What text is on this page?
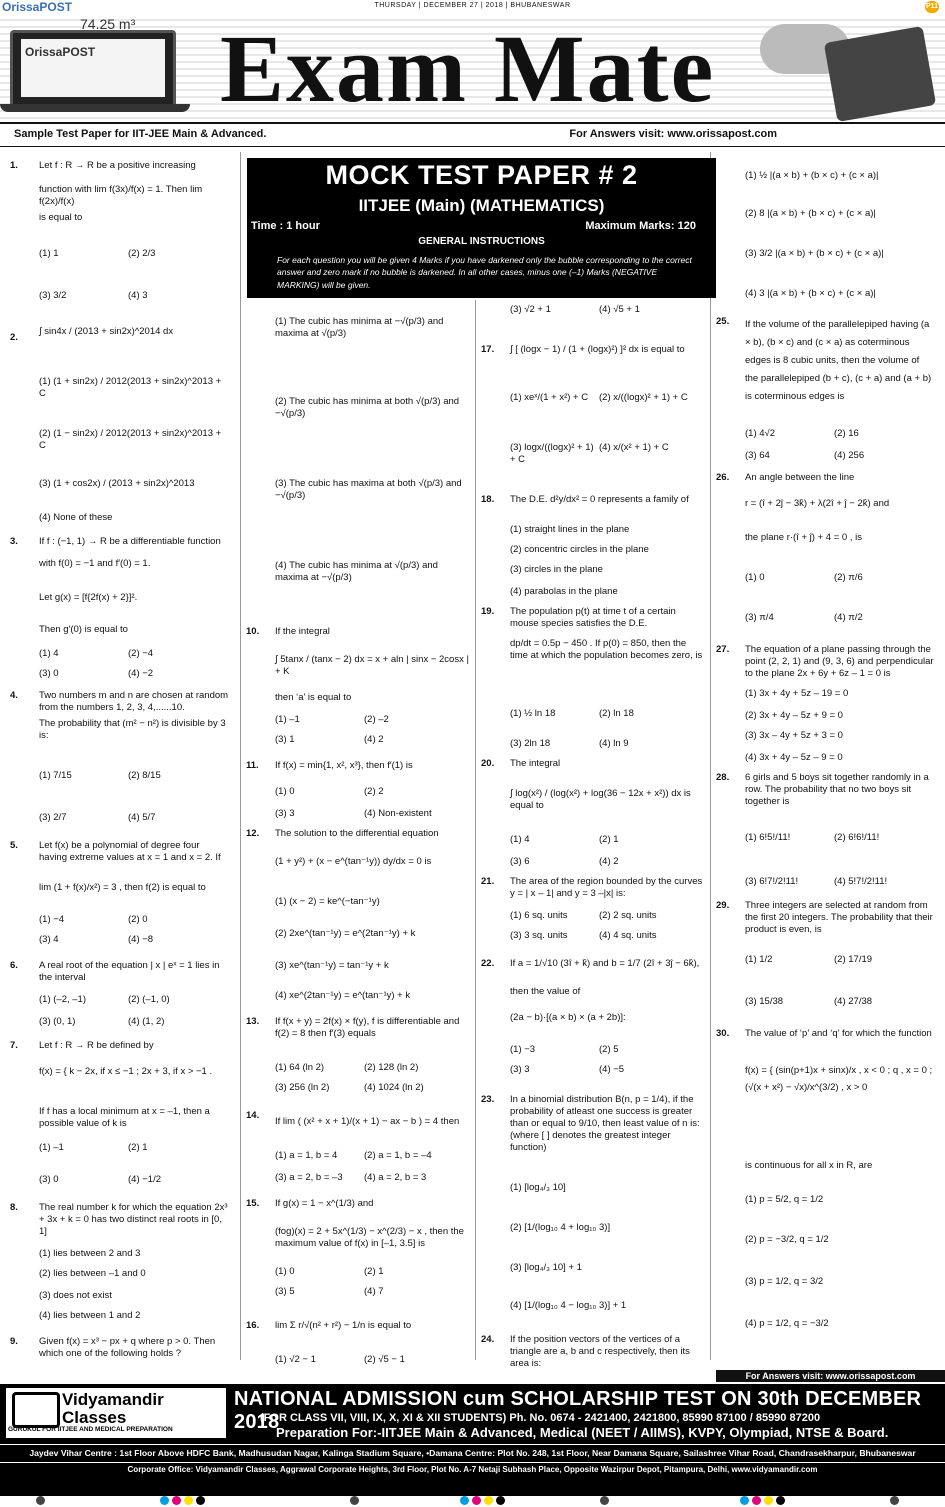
OrissaPOST	THURSDAY | DECEMBER 27 | 2018 | BHUBANESWAR	P11
OrissaPOST
74.25 m³ Exam Mate
Sample Test Paper for IIT-JEE Main & Advanced.	For Answers visit: www.orissapost.com
MOCK TEST PAPER # 2
IITJEE (Main) (MATHEMATICS)
Time : 1 hour	Maximum Marks: 120
GENERAL INSTRUCTIONS
For each question you will be given 4 Marks if you have darkened only the bubble corresponding to the correct answer and zero mark if no bubble is darkened. In all other cases, minus one (–1) Marks (NEGATIVE MARKING) will be given.
1. Let f : R → R be a positive increasing
function with lim f(3x)/f(x) = 1. Then lim f(2x)/f(x)
is equal to
(1) 1	(2) 2/3
(3) 3/2	(4) 3
2.
∫ sin4x / (2013 + sin2x)^2014 dx
(1) (1 + sin2x) / 2012(2013 + sin2x)^2013 + C
(2) (1 − sin2x) / 2012(2013 + sin2x)^2013 + C
(3) (1 + cos2x) / (2013 + sin2x)^2013
(4) None of these
3. If f : (−1, 1) → R be a differentiable function
with f(0) = −1 and f′(0) = 1.
Let g(x) = [f{2f(x) + 2}]².
Then g′(0) is equal to
(1) 4	(2) −4
(3) 0	(4) −2
4. Two numbers m and n are chosen at random from the numbers 1, 2, 3, 4,......10.
The probability that (m² − n²) is divisible by 3 is:
(1) 7/15	(2) 8/15
(3) 2/7	(4) 5/7
5. Let f(x) be a polynomial of degree four having extreme values at x = 1 and x = 2. If
lim (1 + f(x)/x²) = 3 , then f(2) is equal to
(1) −4	(2) 0
(3) 4	(4) −8
6. A real root of the equation | x | eˣ = 1 lies in the interval
(1) (–2, –1)	(2) (–1, 0)
(3) (0, 1)	(4) (1, 2)
7. Let f : R → R be defined by
f(x) = { k − 2x, if x ≤ −1 ; 2x + 3, if x > −1 .
If f has a local minimum at x = –1, then a possible value of k is
(1) –1	(2) 1
(3) 0	(4) −1/2
8. The real number k for which the equation 2x³ + 3x + k = 0 has two distinct real roots in [0, 1]
(1) lies between 2 and 3
(2) lies between –1 and 0
(3) does not exist
(4) lies between 1 and 2
9. Given f(x) = x³ − px + q where p > 0. Then which one of the following holds ?
(1) The cubic has minima at −√(p/3) and maxima at √(p/3)
(2) The cubic has minima at both √(p/3) and −√(p/3)
(3) The cubic has maxima at both √(p/3) and −√(p/3)
(4) The cubic has minima at √(p/3) and maxima at −√(p/3)
10. If the integral
∫ 5tanx / (tanx − 2) dx = x + aln | sinx − 2cosx | + K
then ‘a’ is equal to
(1) –1	(2) –2
(3) 1	(4) 2
11. If f(x) = min{1, x², x³}, then f′(1) is
(1) 0	(2) 2
(3) 3	(4) Non-existent
12. The solution to the differential equation
(1 + y²) + (x − e^(tan⁻¹y)) dy/dx = 0 is
(1) (x − 2) = ke^(−tan⁻¹y)
(2) 2xe^(tan⁻¹y) = e^(2tan⁻¹y) + k
(3) xe^(tan⁻¹y) = tan⁻¹y + k
(4) xe^(2tan⁻¹y) = e^(tan⁻¹y) + k
13. If f(x + y) = 2f(x) × f(y), f is differentiable and f(2) = 8 then f′(3) equals
(1) 64 (ln 2)	(2) 128 (ln 2)
(3) 256 (ln 2)	(4) 1024 (ln 2)
14.
If lim ( (x² + x + 1)/(x + 1) − ax − b ) = 4 then
(1) a = 1, b = 4	(2) a = 1, b = –4
(3) a = 2, b = –3 (4) a = 2, b = 3
15. If g(x) = 1 − x^(1/3) and
(fog)(x) = 2 + 5x^(1/3) − x^(2/3) − x , then the maximum value of f(x) in [–1, 3.5] is
(1) 0	(2) 1
(3) 5	(4) 7
16. lim Σ r/√(n² + r²) − 1/n is equal to
(1) √2 − 1	(2) √5 − 1
(3) √2 + 1	(4) √5 + 1
17. ∫ [ (logx − 1) / (1 + (logx)²) ]² dx is equal to
(1) xeˣ/(1 + x²) + C	(2) x/((logx)² + 1) + C
(3) logx/((logx)² + 1) + C
(4) x/(x² + 1) + C
18. The D.E. d²y/dx² = 0 represents a family of
(1) straight lines in the plane
(2) concentric circles in the plane
(3) circles in the plane
(4) parabolas in the plane
19. The population p(t) at time t of a certain mouse species satisfies the D.E.
dp/dt = 0.5p − 450 . If p(0) = 850, then the time at which the population becomes zero, is
(1) ½ ln 18	(2) ln 18
(3) 2ln 18	(4) ln 9
20. The integral
∫ log(x²) / (log(x²) + log(36 − 12x + x²)) dx is equal to
(1) 4	(2) 1
(3) 6	(4) 2
21. The area of the region bounded by the curves y = | x – 1| and y = 3 –|x| is:
(1) 6 sq. units	(2) 2 sq. units
(3) 3 sq. units	(4) 4 sq. units
22. If a = 1/√10 (3î + k̂) and b = 1/7 (2î + 3ĵ − 6k̂),
then the value of
(2a − b)·[(a × b) × (a + 2b)]:
(1) −3	(2) 5
(3) 3	(4) −5
23. In a binomial distribution B(n, p = 1/4), if the probability of atleast one success is greater than or equal to 9/10, then least value of n is: (where [ ] denotes the greatest integer function)
(1) [log₄/₃ 10]
(2) [1/(log₁₀ 4 + log₁₀ 3)]
(3) [log₄/₃ 10] + 1
(4) [1/(log₁₀ 4 − log₁₀ 3)] + 1
24. If the position vectors of the vertices of a triangle are a, b and c respectively, then its area is:
(1) ½ |(a × b) + (b × c) + (c × a)|
(2) 8 |(a × b) + (b × c) + (c × a)|
(3) 3/2 |(a × b) + (b × c) + (c × a)|
(4) 3 |(a × b) + (b × c) + (c × a)|
25. If the volume of the parallelepiped having (a × b), (b × c) and (c × a) as coterminous edges is 8 cubic units, then the volume of the parallelepiped (b + c), (c + a) and (a + b) is coterminous edges is
(1) 4√2	(2) 16
(3) 64	(4) 256
26. An angle between the line
r = (î + 2ĵ − 3k̂) + λ(2î + ĵ − 2k̂) and
the plane r·(î + ĵ) + 4 = 0 , is
(1) 0	(2) π/6
(3) π/4	(4) π/2
27. The equation of a plane passing through the point (2, 2, 1) and (9, 3, 6) and perpendicular to the plane 2x + 6y + 6z – 1 = 0 is
(1) 3x + 4y + 5z – 19 = 0
(2) 3x + 4y – 5z + 9 = 0
(3) 3x – 4y + 5z + 3 = 0
(4) 3x + 4y – 5z – 9 = 0
28. 6 girls and 5 boys sit together randomly in a row. The probability that no two boys sit together is
(1) 6!5!/11!	(2) 6!6!/11!
(3) 6!7!/2!11!	(4) 5!7!/2!11!
29. Three integers are selected at random from the first 20 integers. The probability that their product is even, is
(1) 1/2	(2) 17/19
(3) 15/38	(4) 27/38
30. The value of ‘p’ and ‘q’ for which the function
f(x) = { (sin(p+1)x + sinx)/x , x < 0 ; q , x = 0 ; (√(x + x²) − √x)/x^(3/2) , x > 0
is continuous for all x in R, are
(1) p = 5/2, q = 1/2
(2) p = −3/2, q = 1/2
(3) p = 1/2, q = 3/2
(4) p = 1/2, q = −3/2
For Answers visit: www.orissapost.com
Vidyamandir
Classes
GURUKUL FOR IITJEE AND MEDICAL PREPARATION
NATIONAL ADMISSION cum SCHOLARSHIP TEST ON 30th DECEMBER 2018
(FOR CLASS VII, VIII, IX, X, XI & XII STUDENTS) Ph. No. 0674 - 2421400, 2421800, 85990 87100 / 85990 87200
Preparation For:-IITJEE Main & Advanced, Medical (NEET / AIIMS), KVPY, Olympiad, NTSE & Board.
Jaydev Vihar Centre : 1st Floor Above HDFC Bank, Madhusudan Nagar, Kalinga Stadium Square, •Damana Centre: Plot No. 248, 1st Floor, Near Damana Square, Sailashree Vihar Road, Chandrasekharpur, Bhubaneswar
Corporate Office: Vidyamandir Classes, Aggrawal Corporate Heights, 3rd Floor, Plot No. A-7 Netaji Subhash Place, Opposite Wazirpur Depot, Pitampura, Delhi, www.vidyamandir.com
